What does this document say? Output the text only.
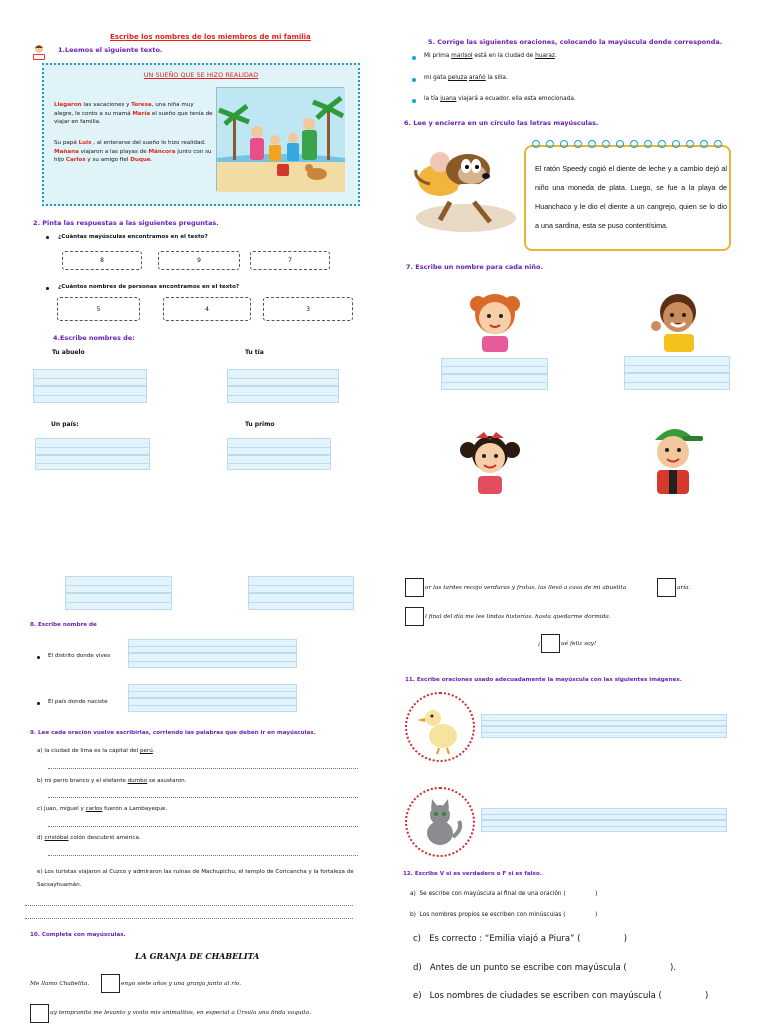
Escribe los nombres de los miembros de mi familia
1.Leemos el siguiente texto.
UN SUEÑO QUE SE HIZO REALIDAD
Llegaron las vacaciones y Teresa, una niña muy alegre, le conto a su mamá María el sueño que tenía de viajar en familia.
Su papá Luis , al enterarse del sueño lo hizo realidad. Mañana viajaron a las playas de Máncora junto con su hijo Carlos y su amigo fiel Duque.
2. Pinta las respuestas a las siguientes preguntas.
¿Cuántas mayúsculas encontramos en el texto?
8	9	7
¿Cuántos nombres de personas encontramos en el texto?
5	4	3
4.Escribe nombres de:
Tu abuelo	Tu tía
Un país:	Tu primo
5. Corrige las siguientes oraciones, colocando la mayúscula donde corresponda.
Mi prima marisol está en la ciudad de huaraz.
mi gata peluza arañó la silla.
la tía juana viajará a ecuador. ella esta emocionada.
6. Lee y encierra en un círculo las letras mayúsculas.
El ratón Speedy cogió el diente de leche y a cambio dejó al niño una moneda de plata. Luego, se fue a la playa de Huanchaco y le dio el diente a un cangrejo, quien se lo dio a una sardina, esta se puso contentísima.
7. Escribe un nombre para cada niño.
8. Escribe nombre de
El distrito donde vives
El país donde naciste
9. Lee cada oración vuelve escribirlas, corriendo las palabras que deben ir en mayúsculas.
a) la ciudad de lima es la capital del perú.
b) mi perro branco y el elefante dumbo se asustaron.
c) juan, miguel y carlos fueron a Lambayeque.
d) cristóbal colón descubrió américa.
e) Los turistas viajaron al Cuzco y admiraron las ruinas de Machupichu, el templo de Coricancha y la fortaleza de Sacsayhuamán.
10. Completa con mayúsculas.
LA GRANJA DE CHABELITA
Me llamo Chabelita.	engo siete años y una granja junto al río.
uy tempranito me levanto y visito mis animalitos, en especial a Úrsula una linda vaquita.
or las tardes recojo verduras y frutas, las llevó a casa de mi abuelita	aría.
l final del día me lee lindas historias. hasta quedarme dormida.
¡	ué feliz soy!
11. Escribe oraciones usado adecuadamente la mayúscula con las siguientes imágenes.
12. Escribe V si es verdadero o F si es falso.
a)  Se escribe con mayúscula al final de una oración (                )
b)  Los nombres propios se escriben con minúsculas (                )
c)   Es correcto : “Emilia viajó a Piura” (                )
d)   Antes de un punto se escribe con mayúscula (                ).
e)   Los nombres de ciudades se escriben con mayúscula (                )
